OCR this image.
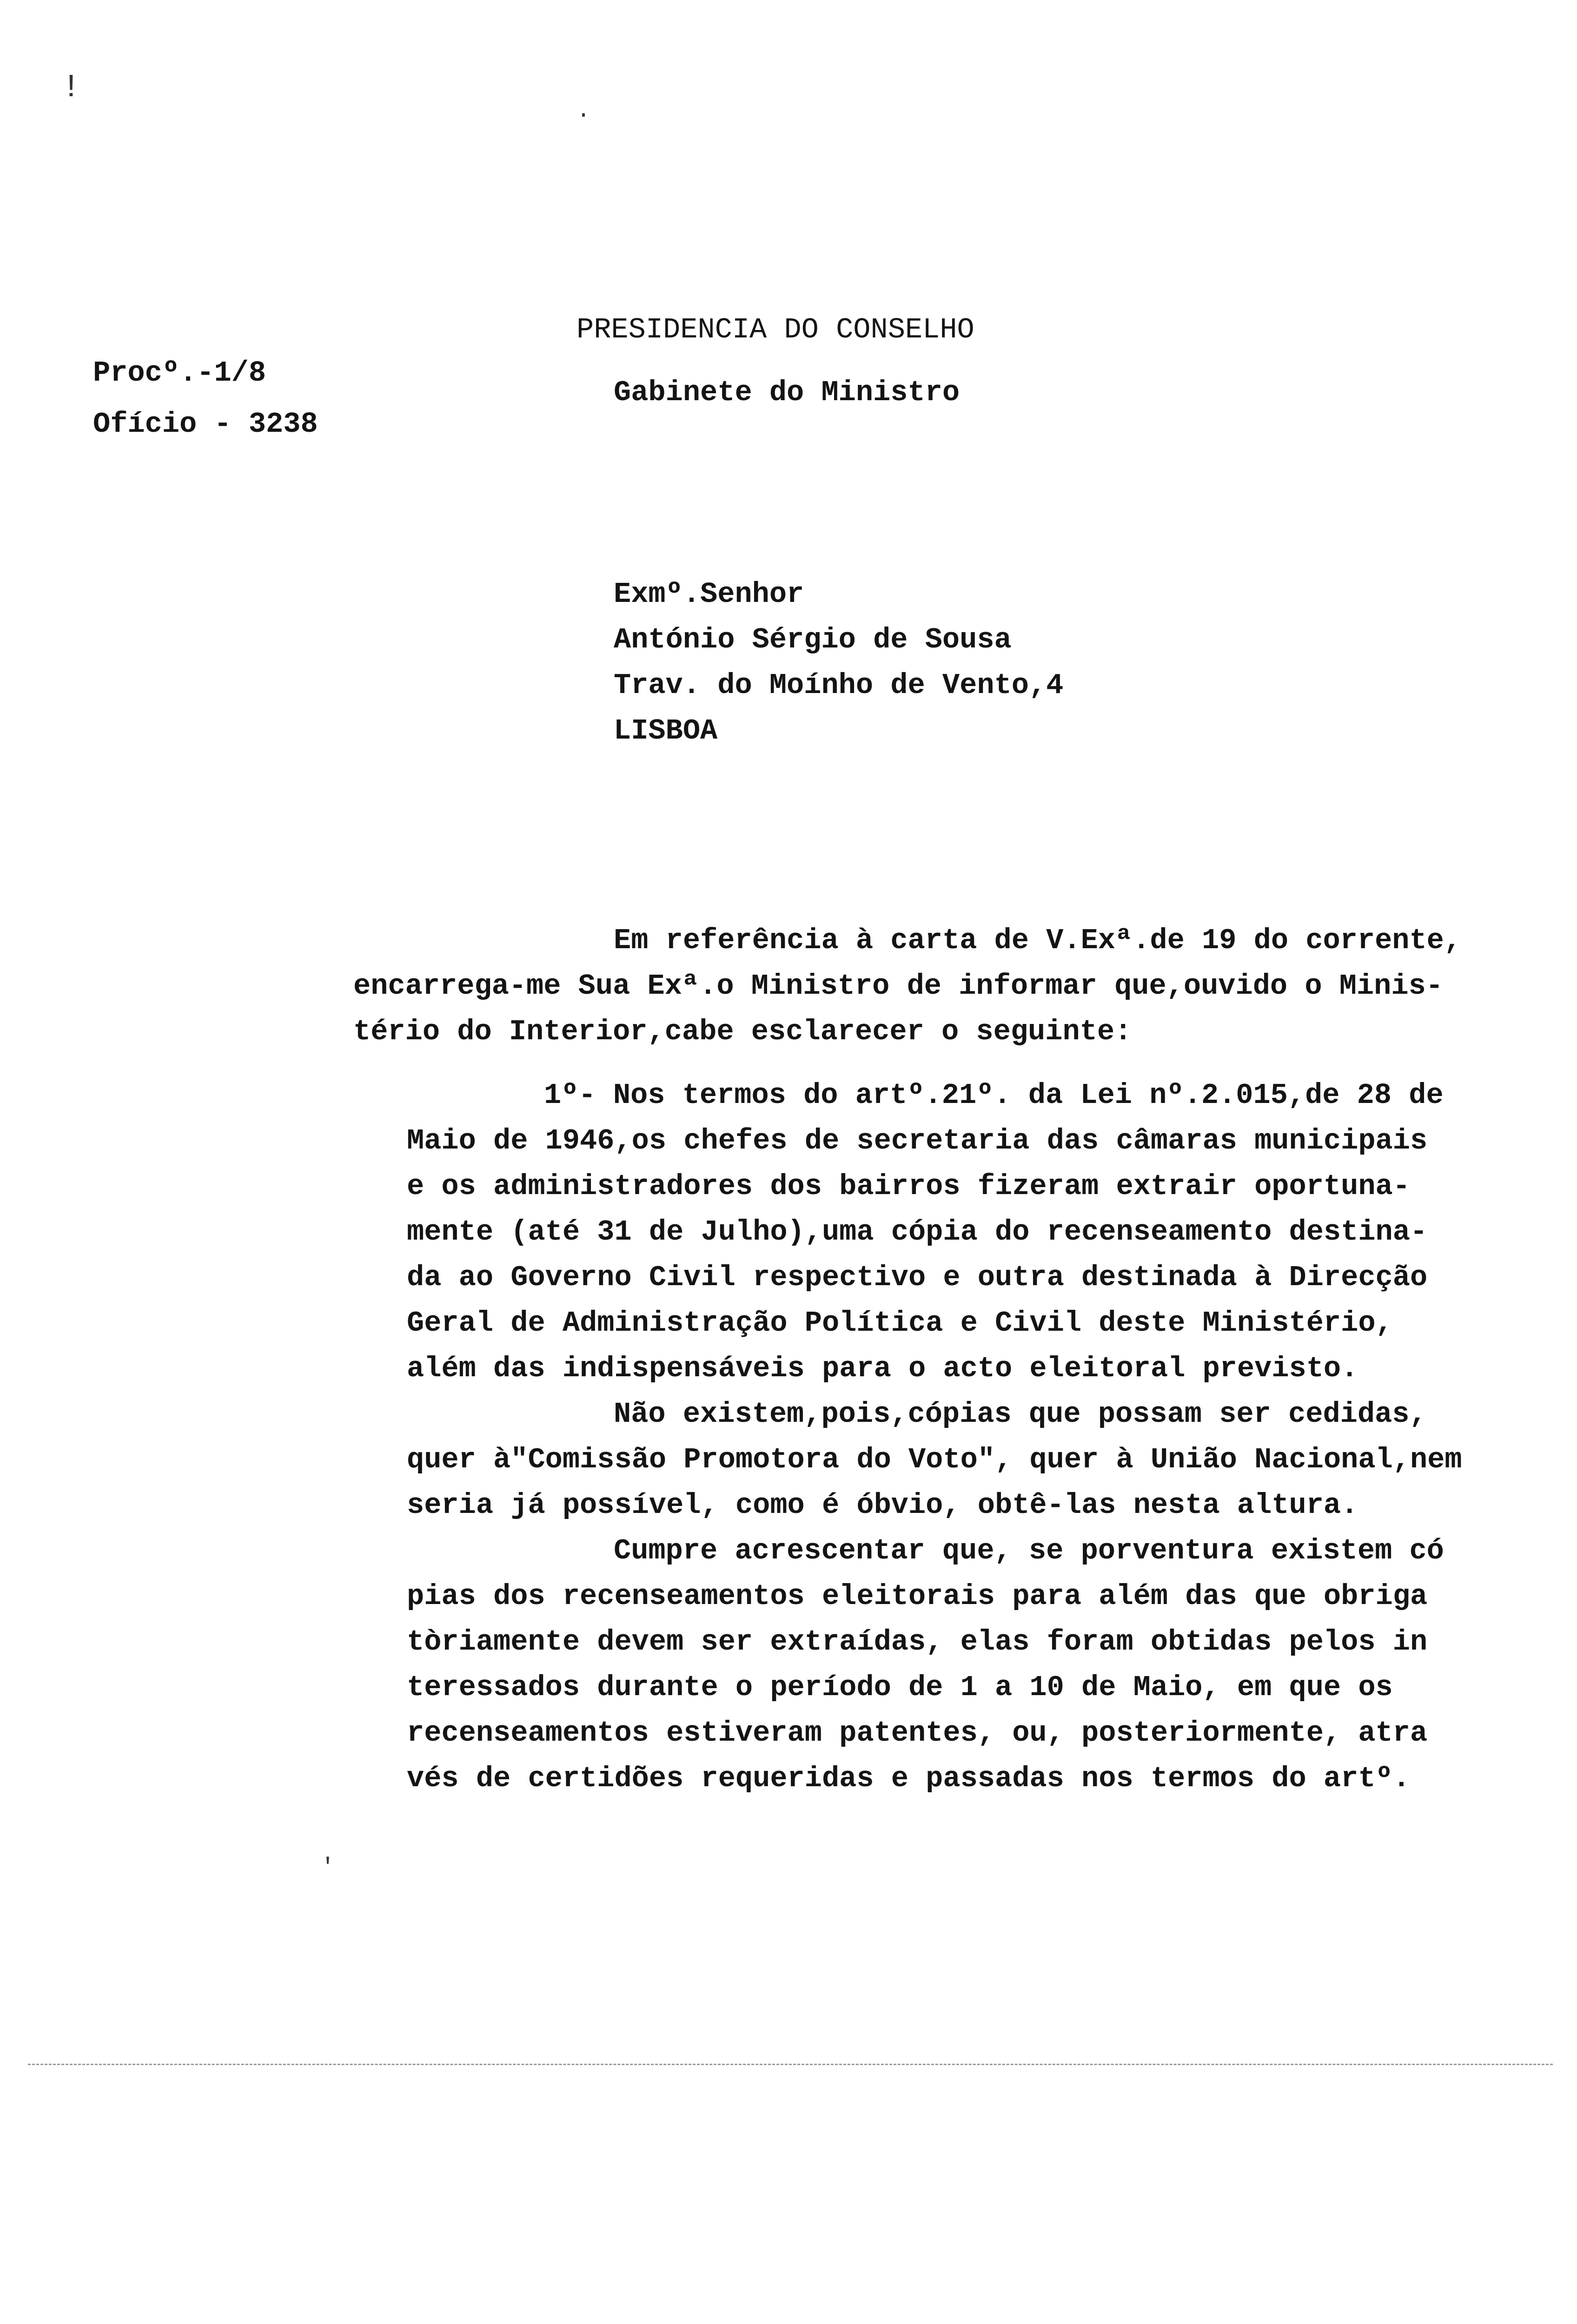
!
.
'
Procº.-1/8
Ofício - 3238
PRESIDENCIA DO CONSELHO
Gabinete do Ministro
Exmº.Senhor
António Sérgio de Sousa
Trav. do Moínho de Vento,4
LISBOA
Em referência à carta de V.Exª.de 19 do corrente,
encarrega-me Sua Exª.o Ministro de informar que,ouvido o Minis-
tério do Interior,cabe esclarecer o seguinte:
1º- Nos termos do artº.21º. da Lei nº.2.015,de 28 de
Maio de 1946,os chefes de secretaria das câmaras municipais
e os administradores dos bairros fizeram extrair oportuna-
mente (até 31 de Julho),uma cópia do recenseamento destina-
da ao Governo Civil respectivo e outra destinada à Direcção
Geral de Administração Política e Civil deste Ministério,
além das indispensáveis para o acto eleitoral previsto.
Não existem,pois,cópias que possam ser cedidas,
quer à"Comissão Promotora do Voto", quer à União Nacional,nem
seria já possível, como é óbvio, obtê-las nesta altura.
Cumpre acrescentar que, se porventura existem có
pias dos recenseamentos eleitorais para além das que obriga
tòriamente devem ser extraídas, elas foram obtidas pelos in
teressados durante o período de 1 a 10 de Maio, em que os
recenseamentos estiveram patentes, ou, posteriormente, atra
vés de certidões requeridas e passadas nos termos do artº.
